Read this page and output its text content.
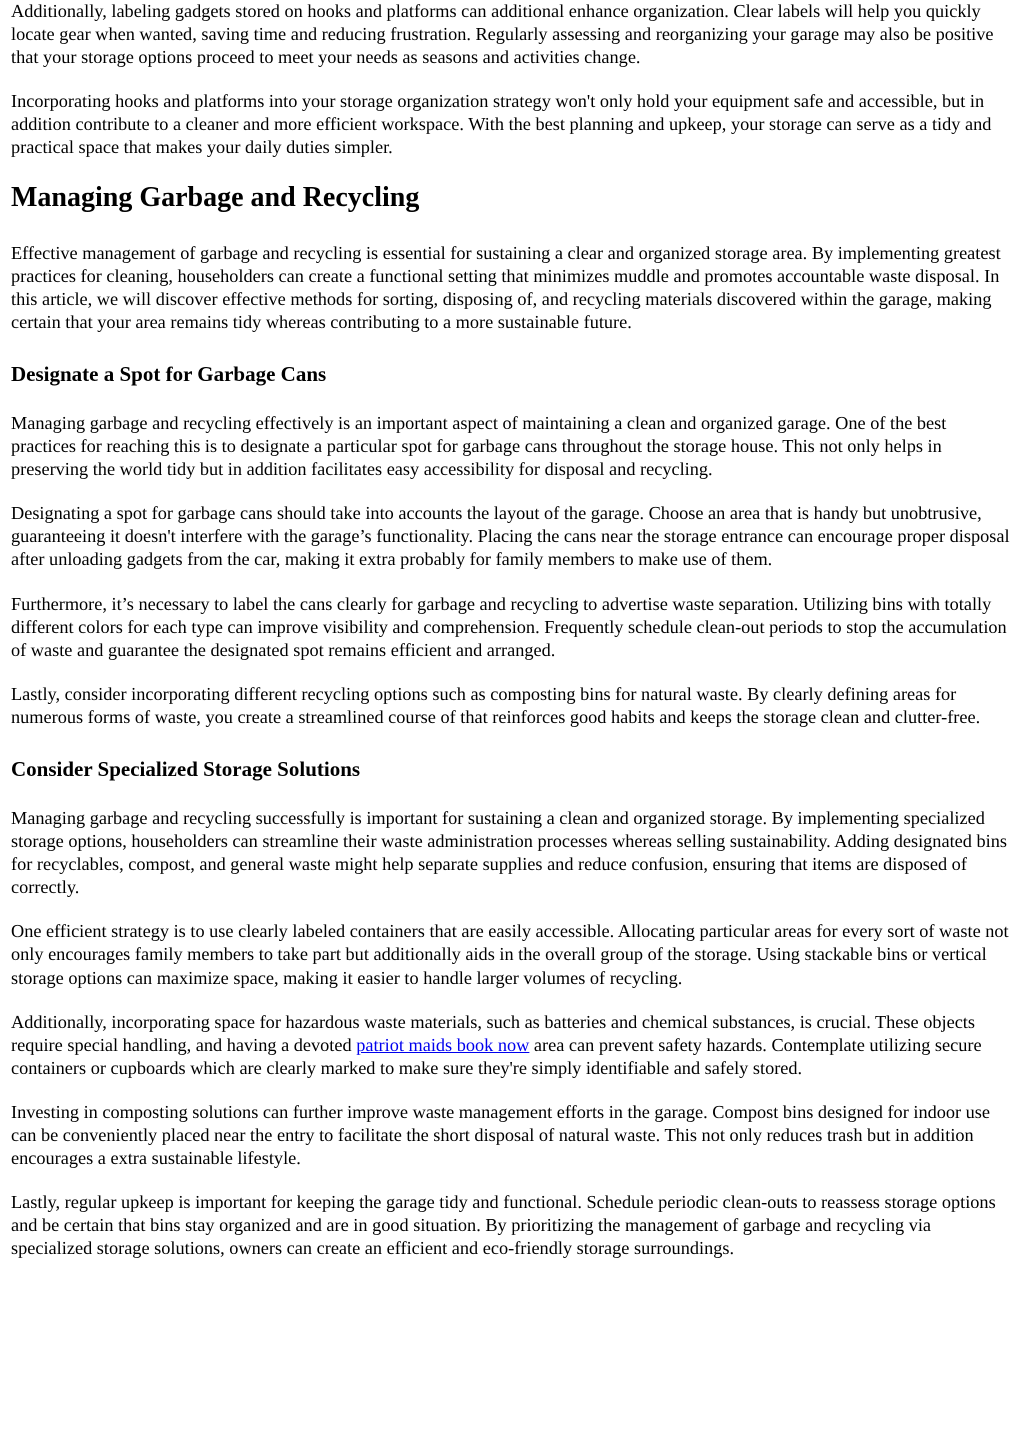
Additionally, labeling gadgets stored on hooks and platforms can additional enhance organization. Clear labels will help you quickly locate gear when wanted, saving time and reducing frustration. Regularly assessing and reorganizing your garage may also be positive that your storage options proceed to meet your needs as seasons and activities change.

Incorporating hooks and platforms into your storage organization strategy won't only hold your equipment safe and accessible, but in addition contribute to a cleaner and more efficient workspace. With the best planning and upkeep, your storage can serve as a tidy and practical space that makes your daily duties simpler.

Managing Garbage and Recycling

Effective management of garbage and recycling is essential for sustaining a clear and organized storage area. By implementing greatest practices for cleaning, householders can create a functional setting that minimizes muddle and promotes accountable waste disposal. In this article, we will discover effective methods for sorting, disposing of, and recycling materials discovered within the garage, making certain that your area remains tidy whereas contributing to a more sustainable future.

Designate a Spot for Garbage Cans

Managing garbage and recycling effectively is an important aspect of maintaining a clean and organized garage. One of the best practices for reaching this is to designate a particular spot for garbage cans throughout the storage house. This not only helps in preserving the world tidy but in addition facilitates easy accessibility for disposal and recycling.

Designating a spot for garbage cans should take into accounts the layout of the garage. Choose an area that is handy but unobtrusive, guaranteeing it doesn't interfere with the garage’s functionality. Placing the cans near the storage entrance can encourage proper disposal after unloading gadgets from the car, making it extra probably for family members to make use of them.

Furthermore, it’s necessary to label the cans clearly for garbage and recycling to advertise waste separation. Utilizing bins with totally different colors for each type can improve visibility and comprehension. Frequently schedule clean-out periods to stop the accumulation of waste and guarantee the designated spot remains efficient and arranged.

Lastly, consider incorporating different recycling options such as composting bins for natural waste. By clearly defining areas for numerous forms of waste, you create a streamlined course of that reinforces good habits and keeps the storage clean and clutter-free.

Consider Specialized Storage Solutions

Managing garbage and recycling successfully is important for sustaining a clean and organized storage. By implementing specialized storage options, householders can streamline their waste administration processes whereas selling sustainability. Adding designated bins for recyclables, compost, and general waste might help separate supplies and reduce confusion, ensuring that items are disposed of correctly.

One efficient strategy is to use clearly labeled containers that are easily accessible. Allocating particular areas for every sort of waste not only encourages family members to take part but additionally aids in the overall group of the storage. Using stackable bins or vertical storage options can maximize space, making it easier to handle larger volumes of recycling.

Additionally, incorporating space for hazardous waste materials, such as batteries and chemical substances, is crucial. These objects require special handling, and having a devoted patriot maids book now area can prevent safety hazards. Contemplate utilizing secure containers or cupboards which are clearly marked to make sure they're simply identifiable and safely stored.

Investing in composting solutions can further improve waste management efforts in the garage. Compost bins designed for indoor use can be conveniently placed near the entry to facilitate the short disposal of natural waste. This not only reduces trash but in addition encourages a extra sustainable lifestyle.

Lastly, regular upkeep is important for keeping the garage tidy and functional. Schedule periodic clean-outs to reassess storage options and be certain that bins stay organized and are in good situation. By prioritizing the management of garbage and recycling via specialized storage solutions, owners can create an efficient and eco-friendly storage surroundings.
